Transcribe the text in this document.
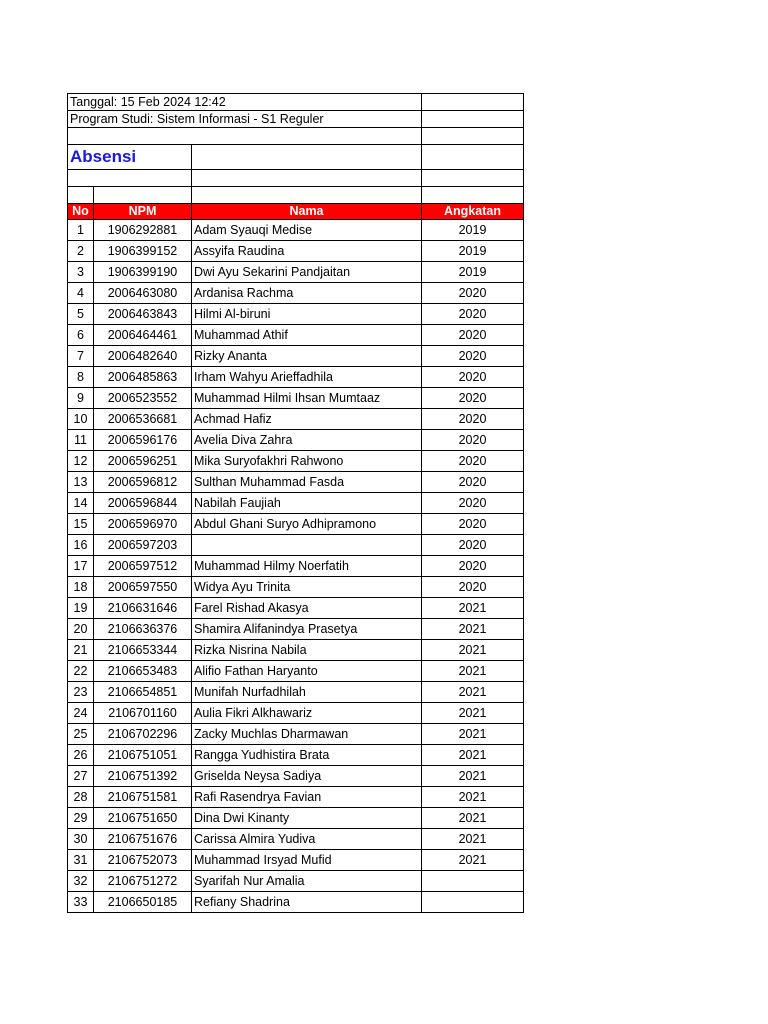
Tanggal: 15 Feb 2024 12:42			
Program Studi: Sistem Informasi - S1 Reguler			

Absensi			

No	NPM	Nama	Angkatan
1	1906292881	Adam Syauqi Medise	2019
2	1906399152	Assyifa Raudina	2019
3	1906399190	Dwi Ayu Sekarini Pandjaitan	2019
4	2006463080	Ardanisa Rachma	2020
5	2006463843	Hilmi Al-biruni	2020
6	2006464461	Muhammad Athif	2020
7	2006482640	Rizky Ananta	2020
8	2006485863	Irham Wahyu Arieffadhila	2020
9	2006523552	Muhammad Hilmi Ihsan Mumtaaz	2020
10	2006536681	Achmad Hafiz	2020
11	2006596176	Avelia Diva Zahra	2020
12	2006596251	Mika Suryofakhri Rahwono	2020
13	2006596812	Sulthan Muhammad Fasda	2020
14	2006596844	Nabilah Faujiah	2020
15	2006596970	Abdul Ghani Suryo Adhipramono	2020
16	2006597203		2020
17	2006597512	Muhammad Hilmy Noerfatih	2020
18	2006597550	Widya Ayu Trinita	2020
19	2106631646	Farel Rishad Akasya	2021
20	2106636376	Shamira Alifanindya Prasetya	2021
21	2106653344	Rizka Nisrina Nabila	2021
22	2106653483	Alifio Fathan Haryanto	2021
23	2106654851	Munifah Nurfadhilah	2021
24	2106701160	Aulia Fikri Alkhawariz	2021
25	2106702296	Zacky Muchlas Dharmawan	2021
26	2106751051	Rangga Yudhistira Brata	2021
27	2106751392	Griselda Neysa Sadiya	2021
28	2106751581	Rafi Rasendrya Favian	2021
29	2106751650	Dina Dwi Kinanty	2021
30	2106751676	Carissa Almira Yudiva	2021
31	2106752073	Muhammad Irsyad Mufid	2021
32	2106751272	Syarifah Nur Amalia	
33	2106650185	Refiany Shadrina	
